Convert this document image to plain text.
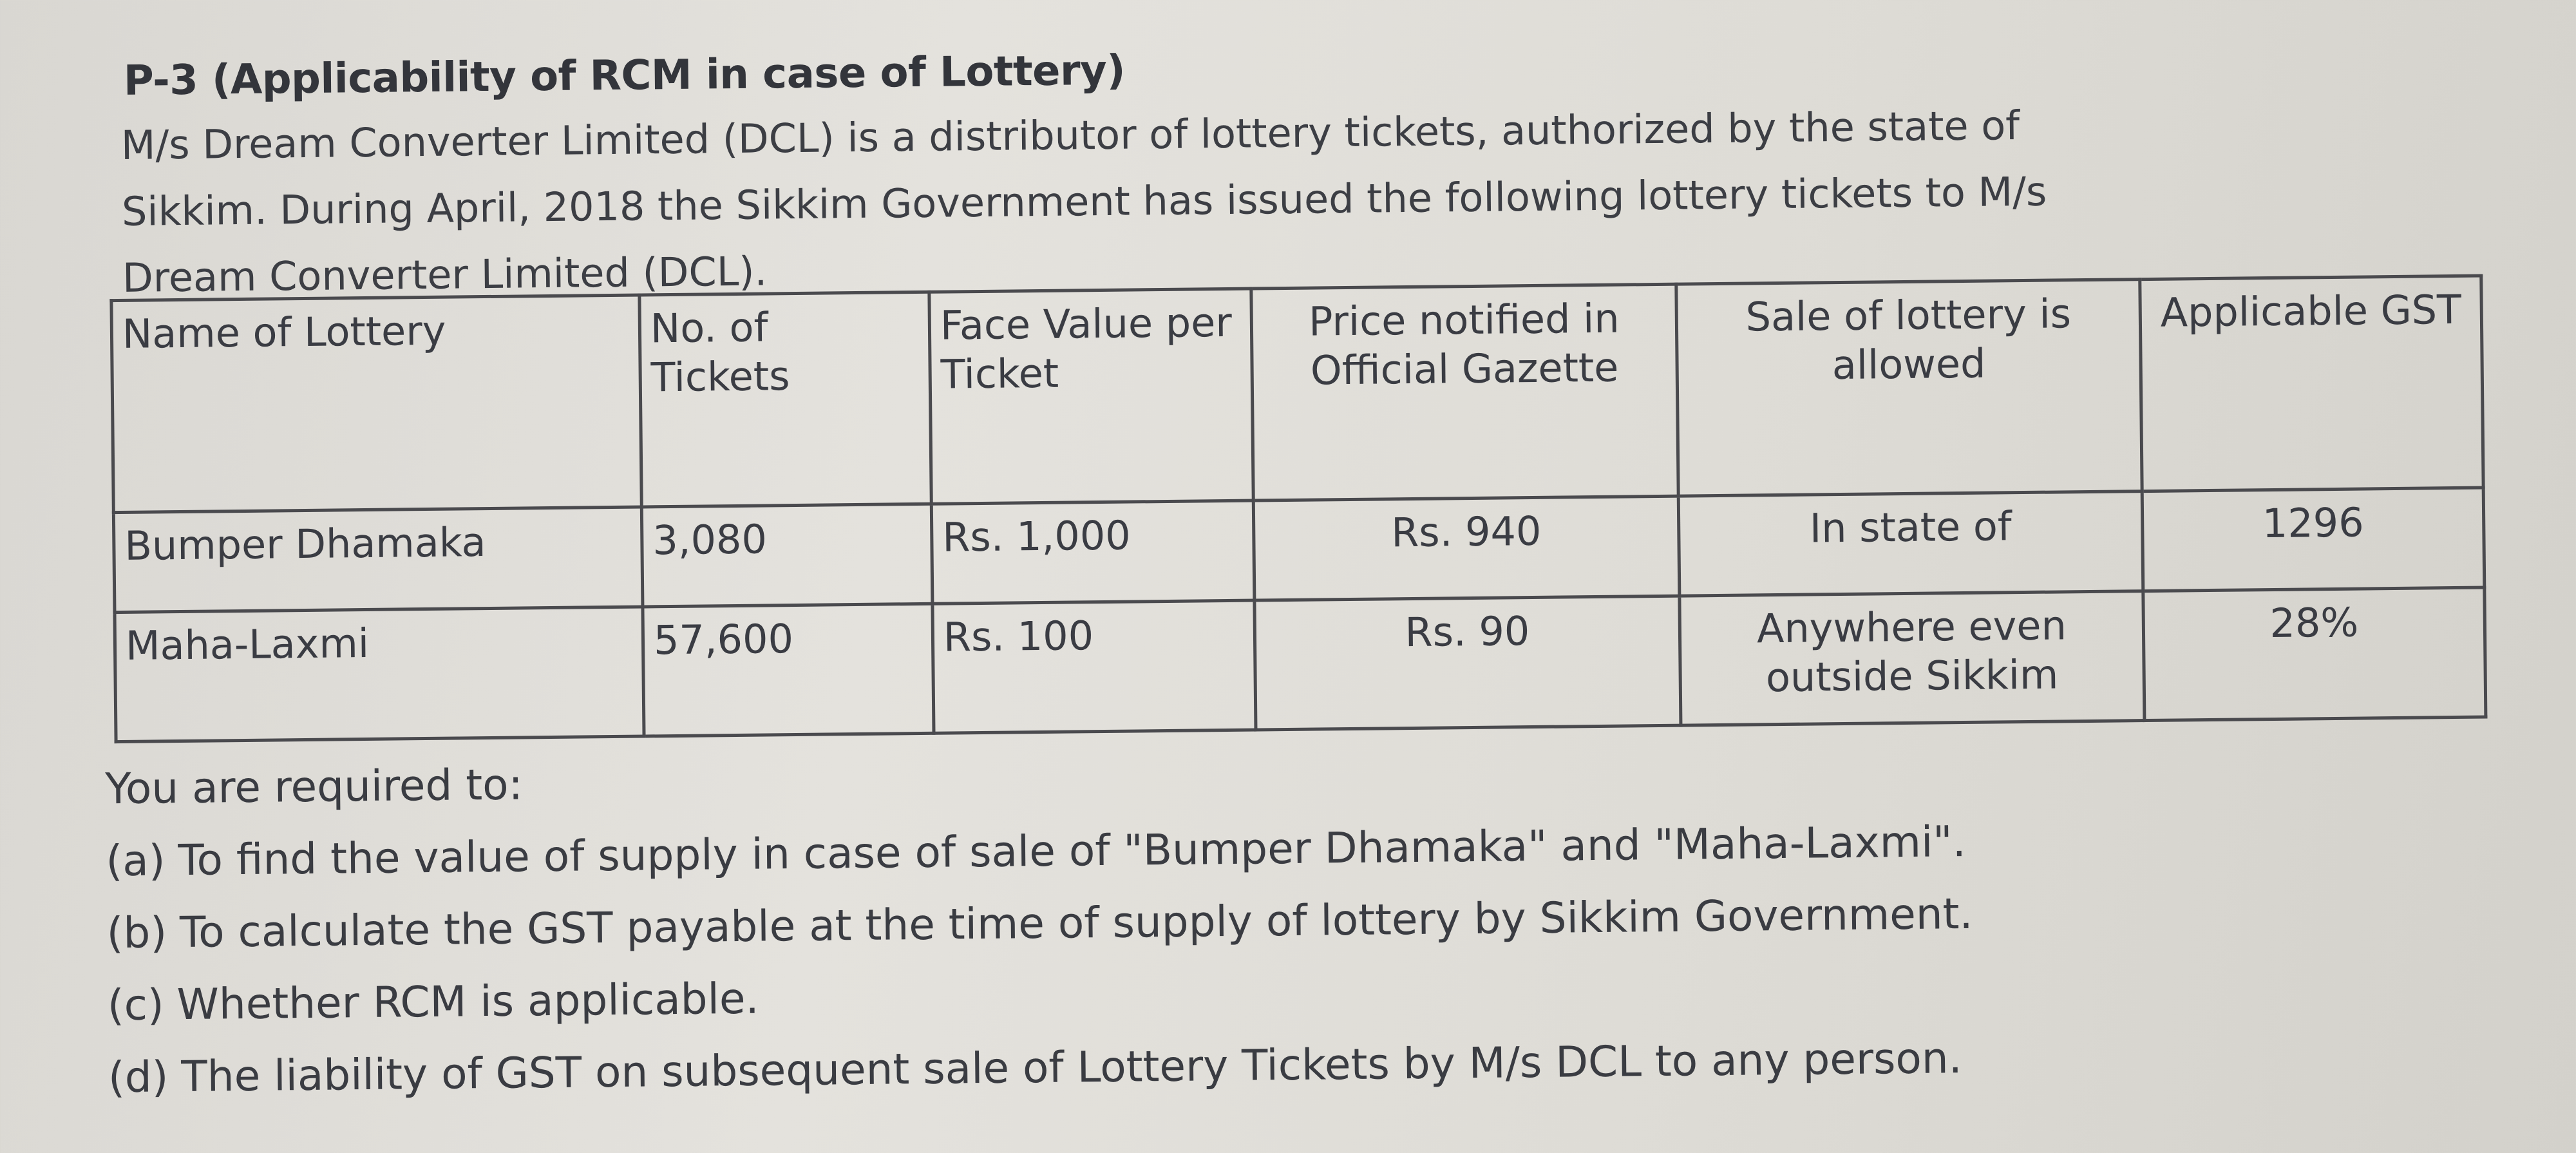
P-3 (Applicability of RCM in case of Lottery)

M/s Dream Converter Limited (DCL) is a distributor of lottery tickets, authorized by the state of

Sikkim. During April, 2018 the Sikkim Government has issued the following lottery tickets to M/s

Dream Converter Limited (DCL).

Name of Lottery	No. of Tickets	Face Value per Ticket	Price notified in Official Gazette	Sale of lottery is allowed	Applicable GST
Bumper Dhamaka	3,080	Rs. 1,000	Rs. 940	In state of	1296
Maha-Laxmi	57,600	Rs. 100	Rs. 90	Anywhere even outside Sikkim	28%

You are required to:

(a) To find the value of supply in case of sale of "Bumper Dhamaka" and "Maha-Laxmi".
(b) To calculate the GST payable at the time of supply of lottery by Sikkim Government.
(c) Whether RCM is applicable.
(d) The liability of GST on subsequent sale of Lottery Tickets by M/s DCL to any person.
